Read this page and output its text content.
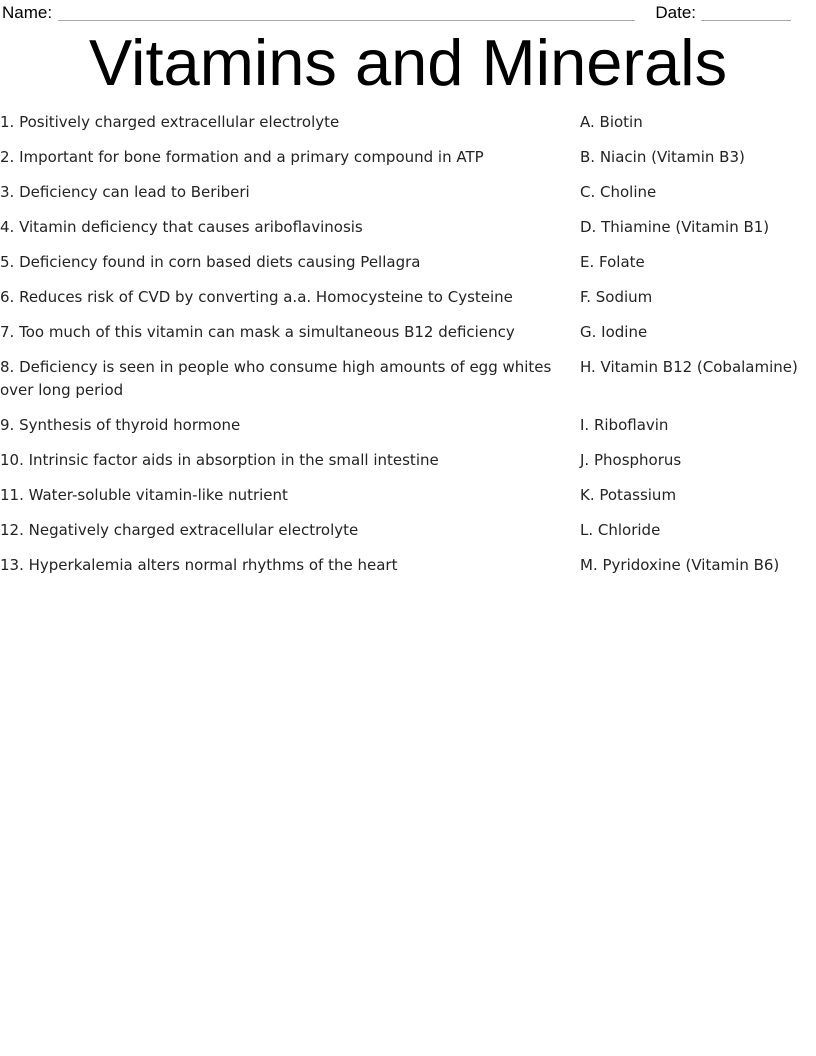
Name:	Date:
Vitamins and Minerals
1. Positively charged extracellular electrolyte	A. Biotin
2. Important for bone formation and a primary compound in ATP	B. Niacin (Vitamin B3)
3. Deficiency can lead to Beriberi	C. Choline
4. Vitamin deficiency that causes ariboflavinosis	D. Thiamine (Vitamin B1)
5. Deficiency found in corn based diets causing Pellagra	E. Folate
6. Reduces risk of CVD by converting a.a. Homocysteine to Cysteine	F. Sodium
7. Too much of this vitamin can mask a simultaneous B12 deficiency	G. Iodine
8. Deficiency is seen in people who consume high amounts of egg whites over long period	H. Vitamin B12 (Cobalamine)
9. Synthesis of thyroid hormone	I. Riboflavin
10. Intrinsic factor aids in absorption in the small intestine	J. Phosphorus
11. Water-soluble vitamin-like nutrient	K. Potassium
12. Negatively charged extracellular electrolyte	L. Chloride
13. Hyperkalemia alters normal rhythms of the heart	M. Pyridoxine (Vitamin B6)
